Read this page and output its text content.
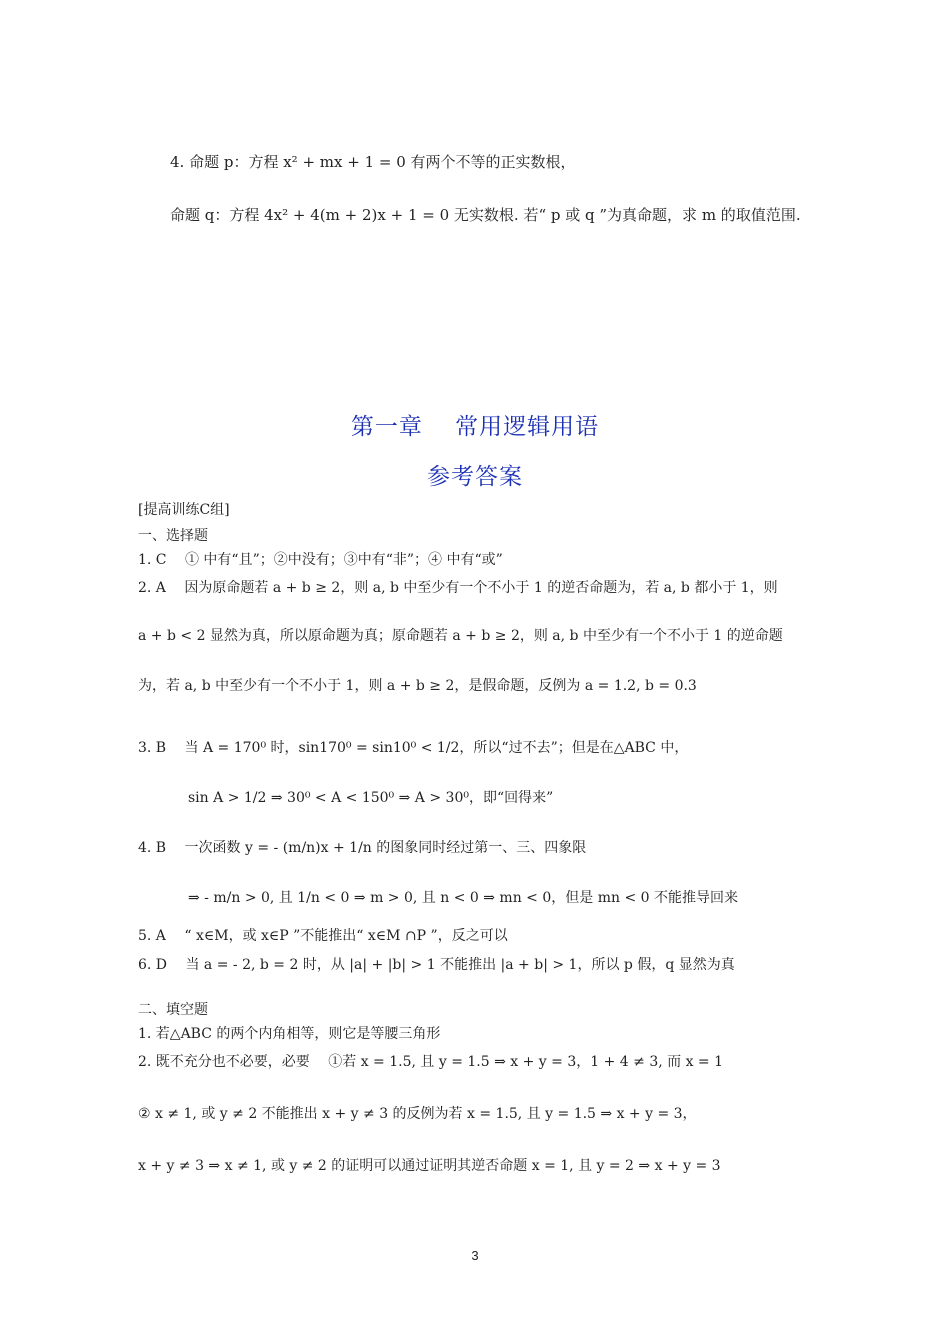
4. 命题 p：方程 x² + mx + 1 = 0 有两个不等的正实数根，
命题 q：方程 4x² + 4(m + 2)x + 1 = 0 无实数根. 若“ p 或 q ”为真命题，求 m 的取值范围.
第一章　 常用逻辑用语
参考答案
[提高训练C组]
一、选择题
1. C　 ① 中有“且”；②中没有；③中有“非”；④ 中有“或”
2. A　 因为原命题若 a + b ≥ 2，则 a, b 中至少有一个不小于 1 的逆否命题为，若 a, b 都小于 1，则
a + b < 2 显然为真，所以原命题为真；原命题若 a + b ≥ 2，则 a, b 中至少有一个不小于 1 的逆命题
为，若 a, b 中至少有一个不小于 1，则 a + b ≥ 2，是假命题，反例为 a = 1.2, b = 0.3
3. B　 当 A = 170⁰ 时，sin170⁰ = sin10⁰ < 1/2，所以“过不去”；但是在△ABC 中，
sin A > 1/2 ⇒ 30⁰ < A < 150⁰ ⇒ A > 30⁰，即“回得来”
4. B　 一次函数 y = - (m/n)x + 1/n 的图象同时经过第一、三、四象限
⇒ - m/n > 0, 且 1/n < 0 ⇒ m > 0, 且 n < 0 ⇒ mn < 0，但是 mn < 0 不能推导回来
5. A　 “ x∈M，或 x∈P ”不能推出“ x∈M ∩P ”，反之可以
6. D　 当 a = - 2, b = 2 时，从 |a| + |b| > 1 不能推出 |a + b| > 1，所以 p 假，q 显然为真
二、填空题
1. 若△ABC 的两个内角相等，则它是等腰三角形
2. 既不充分也不必要，必要　 ①若 x = 1.5, 且 y = 1.5 ⇒ x + y = 3，1 + 4 ≠ 3, 而 x = 1
② x ≠ 1, 或 y ≠ 2 不能推出 x + y ≠ 3 的反例为若 x = 1.5, 且 y = 1.5 ⇒ x + y = 3，
x + y ≠ 3 ⇒ x ≠ 1, 或 y ≠ 2 的证明可以通过证明其逆否命题 x = 1, 且 y = 2 ⇒ x + y = 3
3
